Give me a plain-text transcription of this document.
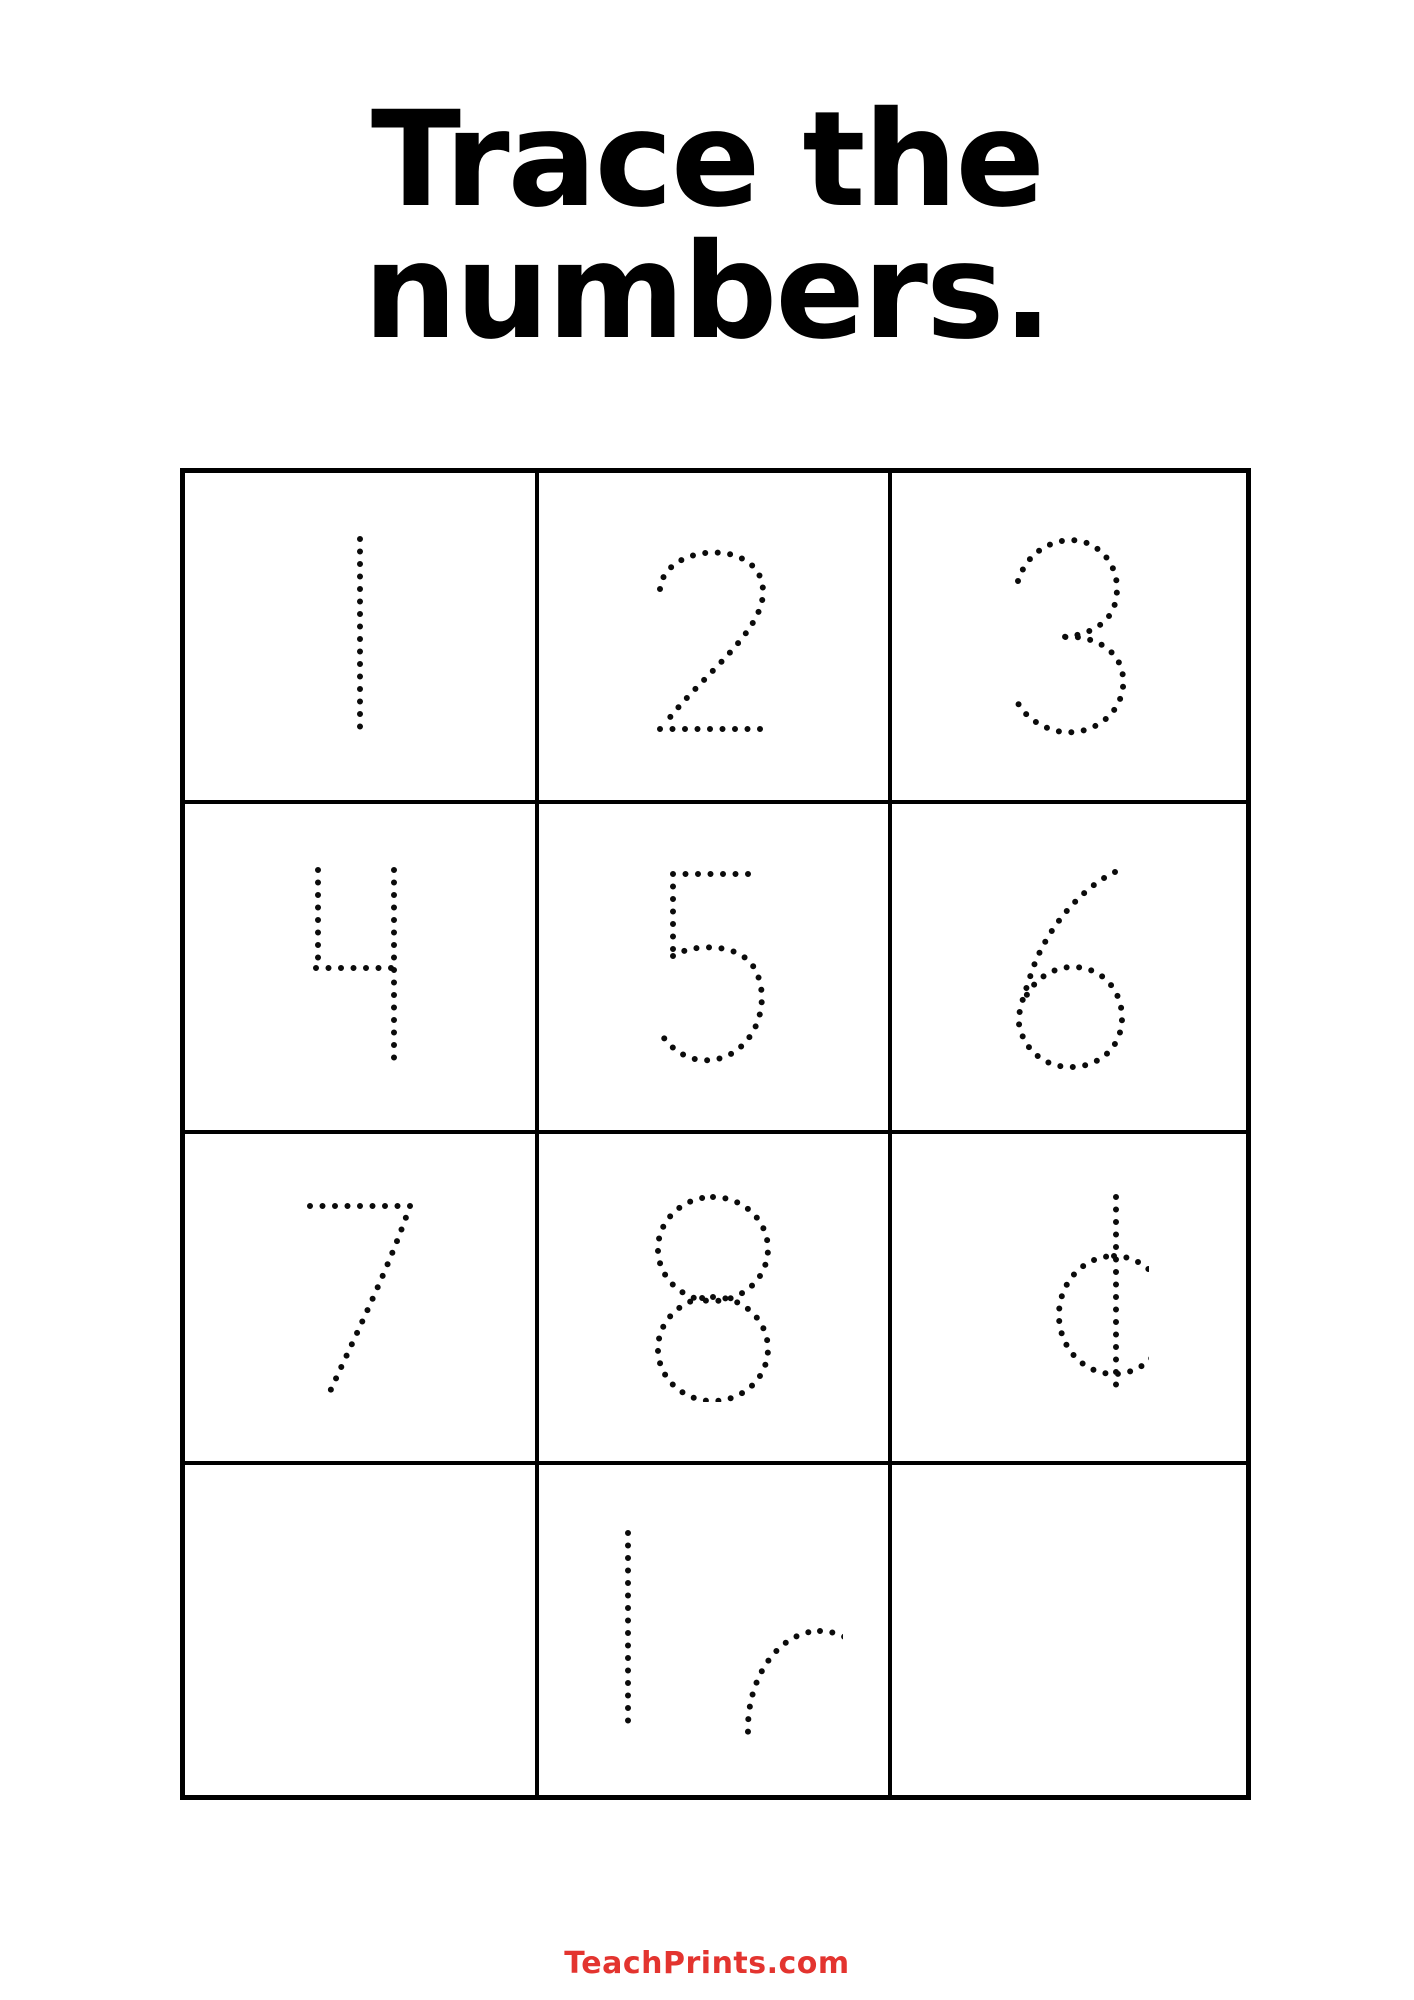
Trace the
numbers.
TeachPrints.com
